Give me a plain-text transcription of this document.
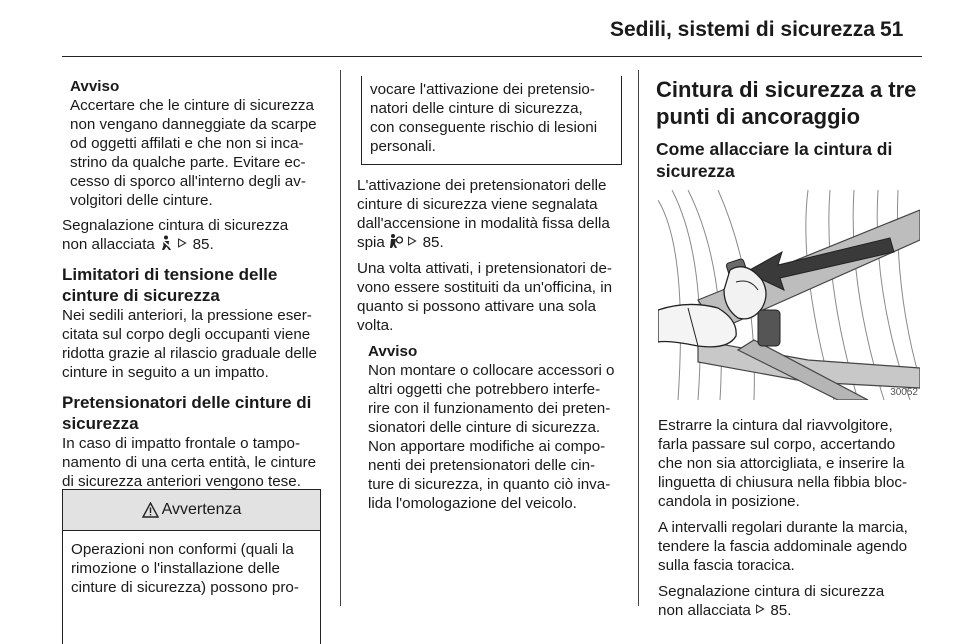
Sedili, sistemi di sicurezza 51

Avviso

Accertare che le cinture di sicurezza

non vengano danneggiate da scarpe

od oggetti affilati e che non si inca-

strino da qualche parte. Evitare ec-

cesso di sporco all'interno degli av-

volgitori delle cinture.

Segnalazione cintura di sicurezza

non allacciata 85.

Limitatori di tensione delle

cinture di sicurezza

Nei sedili anteriori, la pressione eser-

citata sul corpo degli occupanti viene

ridotta grazie al rilascio graduale delle

cinture in seguito a un impatto.

Pretensionatori delle cinture di

sicurezza

In caso di impatto frontale o tampo-

namento di una certa entità, le cinture

di sicurezza anteriori vengono tese.

Avvertenza

Operazioni non conformi (quali la

rimozione o l'installazione delle

cinture di sicurezza) possono pro-

vocare l'attivazione dei pretensio-

natori delle cinture di sicurezza,

con conseguente rischio di lesioni

personali.

L'attivazione dei pretensionatori delle

cinture di sicurezza viene segnalata

dall'accensione in modalità fissa della

spia 85.

Una volta attivati, i pretensionatori de-

vono essere sostituiti da un'officina, in

quanto si possono attivare una sola

volta.

Avviso

Non montare o collocare accessori o

altri oggetti che potrebbero interfe-

rire con il funzionamento dei preten-

sionatori delle cinture di sicurezza.

Non apportare modifiche ai compo-

nenti dei pretensionatori delle cin-

ture di sicurezza, in quanto ciò inva-

lida l'omologazione del veicolo.

Cintura di sicurezza a tre

punti di ancoraggio

Come allacciare la cintura di

sicurezza

30052

Estrarre la cintura dal riavvolgitore,

farla passare sul corpo, accertando

che non sia attorcigliata, e inserire la

linguetta di chiusura nella fibbia bloc-

candola in posizione.

A intervalli regolari durante la marcia,

tendere la fascia addominale agendo

sulla fascia toracica.

Segnalazione cintura di sicurezza

non allacciata 85.
